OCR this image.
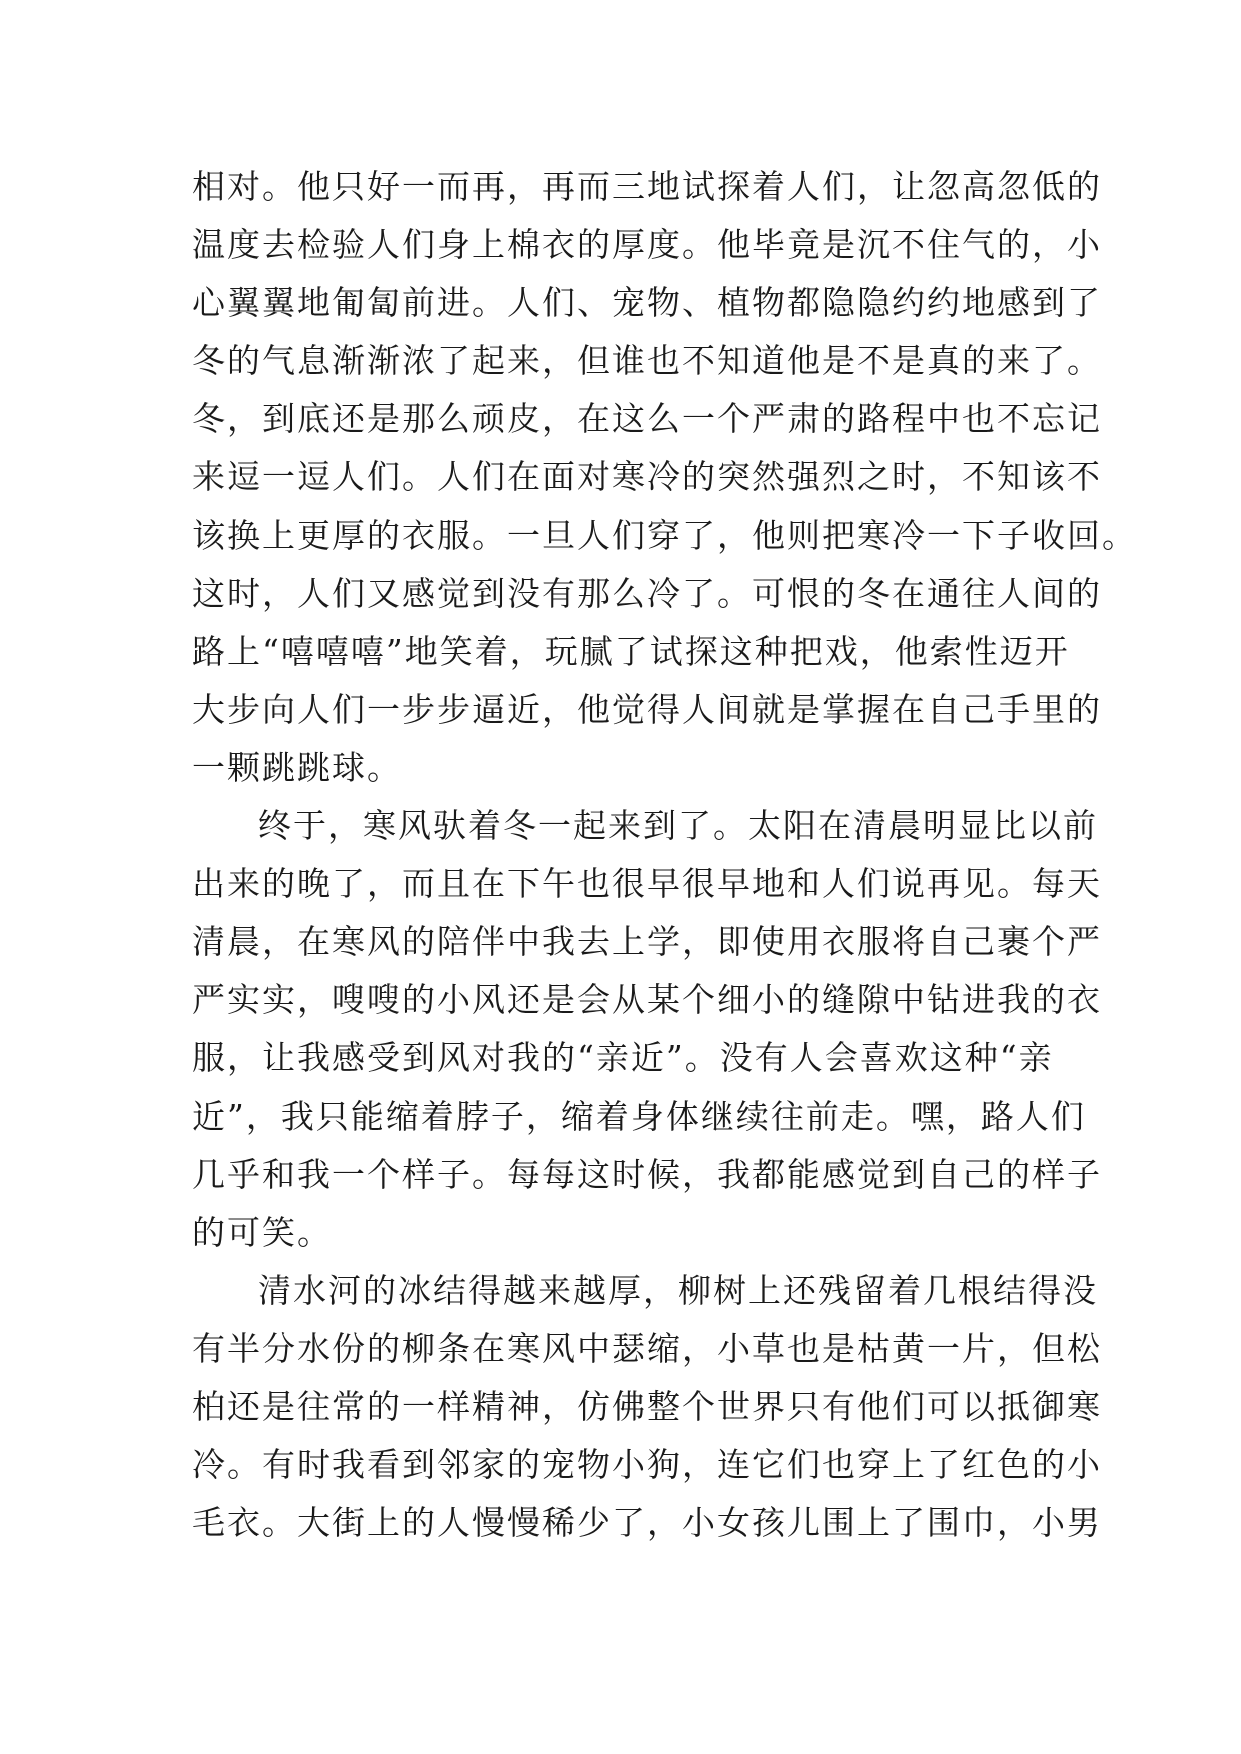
相对。他只好一而再，再而三地试探着人们，让忽高忽低的
温度去检验人们身上棉衣的厚度。他毕竟是沉不住气的，小
心翼翼地匍匐前进。人们、宠物、植物都隐隐约约地感到了
冬的气息渐渐浓了起来，但谁也不知道他是不是真的来了。
冬，到底还是那么顽皮，在这么一个严肃的路程中也不忘记
来逗一逗人们。人们在面对寒冷的突然强烈之时，不知该不
该换上更厚的衣服。一旦人们穿了，他则把寒冷一下子收回。
这时，人们又感觉到没有那么冷了。可恨的冬在通往人间的
路上“嘻嘻嘻”地笑着，玩腻了试探这种把戏，他索性迈开
大步向人们一步步逼近，他觉得人间就是掌握在自己手里的
一颗跳跳球。
终于，寒风驮着冬一起来到了。太阳在清晨明显比以前
出来的晚了，而且在下午也很早很早地和人们说再见。每天
清晨，在寒风的陪伴中我去上学，即使用衣服将自己裹个严
严实实，嗖嗖的小风还是会从某个细小的缝隙中钻进我的衣
服，让我感受到风对我的“亲近”。没有人会喜欢这种“亲
近”，我只能缩着脖子，缩着身体继续往前走。嘿，路人们
几乎和我一个样子。每每这时候，我都能感觉到自己的样子
的可笑。
清水河的冰结得越来越厚，柳树上还残留着几根结得没
有半分水份的柳条在寒风中瑟缩，小草也是枯黄一片，但松
柏还是往常的一样精神，仿佛整个世界只有他们可以抵御寒
冷。有时我看到邻家的宠物小狗，连它们也穿上了红色的小
毛衣。大街上的人慢慢稀少了，小女孩儿围上了围巾，小男
